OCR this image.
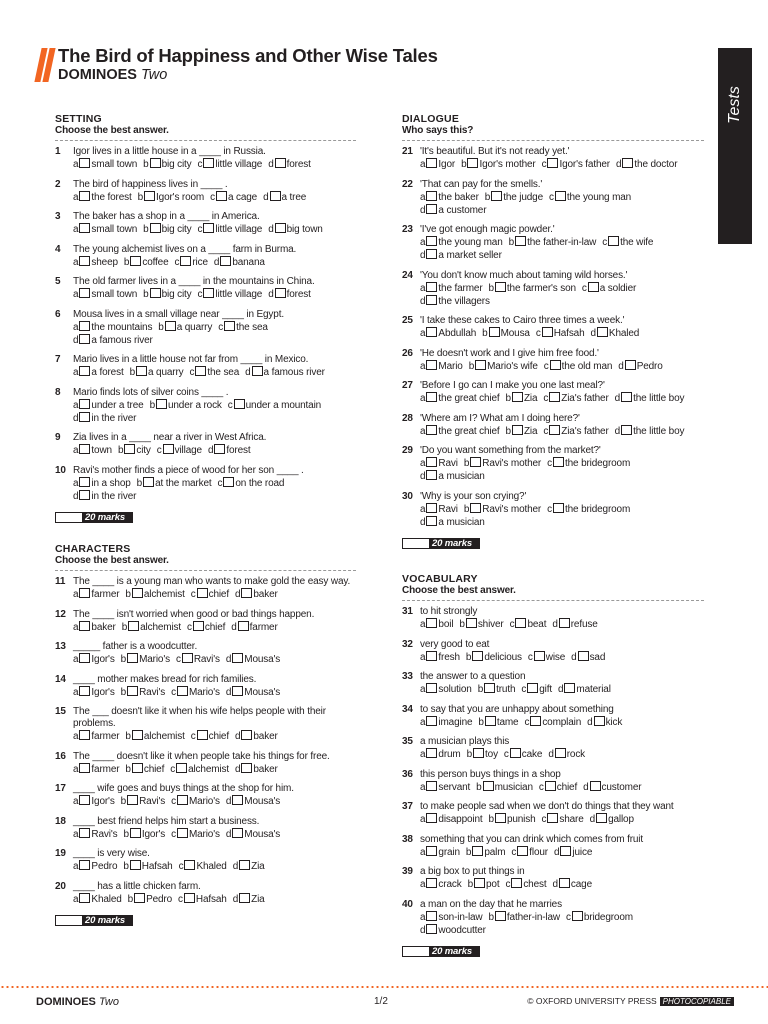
The Bird of Happiness and Other Wise Tales
DOMINOES Two
Tests
SETTING
Choose the best answer.
1	Igor lives in a little house in a ____ in Russia.
a small town b big city c little village d forest
2	The bird of happiness lives in ____ .
a the forest b Igor's room c a cage d a tree
3	The baker has a shop in a ____ in America.
a small town b big city c little village d big town
4	The young alchemist lives on a ____ farm in Burma.
a sheep b coffee c rice d banana
5	The old farmer lives in a ____ in the mountains in China.
a small town b big city c little village d forest
6	Mousa lives in a small village near ____ in Egypt.
a the mountains b a quarry c the sead a famous river
7	Mario lives in a little house not far from ____ in Mexico.
a a forest b a quarry c the sea d a famous river
8	Mario finds lots of silver coins ____ .
a under a tree b under a rock c under a mountain
d in the river
9	Zia lives in a ____ near a river in West Africa.
a town b city c village d forest
10 Ravi's mother finds a piece of wood for her son ____ .
a in a shop b at the market c on the road
d in the river
20 marks
CHARACTERS
Choose the best answer.
11 The ____ is a young man who wants to make gold the easy way.
a farmer b alchemist c chief d baker
12 The ____ isn't worried when good or bad things happen.
a baker b alchemist c chief d farmer
13 _____ father is a woodcutter.
a Igor's b Mario's c Ravi's d Mousa's
14 ____ mother makes bread for rich families.
a Igor's b Ravi's c Mario's d Mousa's
15 The ___ doesn't like it when his wife helps people with their problems.
a farmer b alchemist c chief d baker
16 The ____ doesn't like it when people take his things for free.
a farmer b chief c alchemist d baker
17 ____ wife goes and buys things at the shop for him.
a Igor's b Ravi's c Mario's d Mousa's
18 ____ best friend helps him start a business.
a Ravi's b Igor's c Mario's d Mousa's
19 ____ is very wise.
a Pedro b Hafsah c Khaled d Zia
20 ____ has a little chicken farm.
a Khaled b Pedro c Hafsah d Zia
20 marks
DIALOGUE
Who says this?
21 'It's beautiful. But it's not ready yet.'
a Igor b Igor's mother c Igor's father d the doctor
22 'That can pay for the smells.'
a the baker b the judge c the young man
d a customer
23 'I've got enough magic powder.'
a the young man b the father-in-law c the wife
d a market seller
24 'You don't know much about taming wild horses.'
a the farmer b the farmer's son c a soldier
d the villagers
25 'I take these cakes to Cairo three times a week.'
a Abdullah b Mousa c Hafsah d Khaled
26 'He doesn't work and I give him free food.'
a Mario b Mario's wife c the old man d Pedro
27 'Before I go can I make you one last meal?'
a the great chief b Zia c Zia's father d the little boy
28 'Where am I? What am I doing here?'
a the great chief b Zia c Zia's father d the little boy
29 'Do you want something from the market?'
a Ravi b Ravi's mother c the bridegroom
d a musician
30 'Why is your son crying?'
a Ravi b Ravi's mother c the bridegroom
d a musician
20 marks
VOCABULARY
Choose the best answer.
31 to hit strongly
a boil b shiver c beat d refuse
32 very good to eat
a fresh b delicious c wise d sad
33 the answer to a question
a solution b truth c gift d material
34 to say that you are unhappy about something
a imagine b tame c complain d kick
35 a musician plays this
a drum b toy c cake d rock
36 this person buys things in a shop
a servant b musician c chief d customer
37 to make people sad when we don't do things that they want
a disappoint b punish c share d gallop
38 something that you can drink which comes from fruit
a grain b palm c flour d juice
39 a big box to put things in
a crack b pot c chest d cage
40 a man on the day that he marries
a son-in-law b father-in-law c bridegroom
d woodcutter
20 marks
DOMINOES Two	1/2	© OXFORD UNIVERSITY PRESS PHOTOCOPIABLE
